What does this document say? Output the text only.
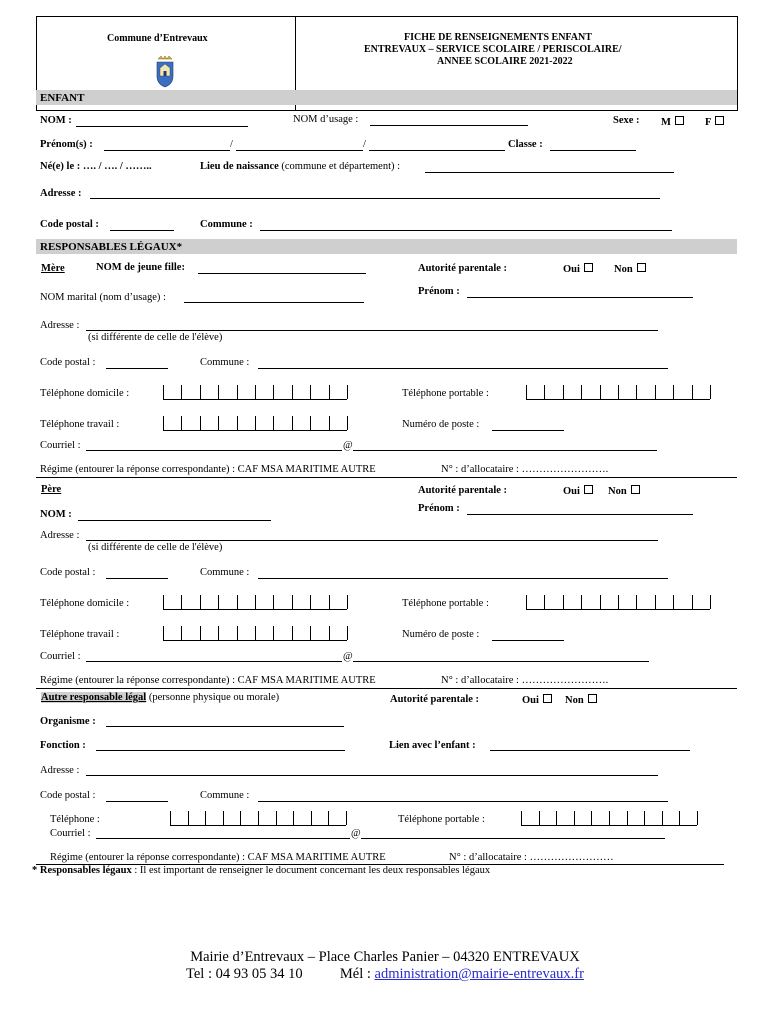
Commune d’Entrevaux	FICHE DE RENSEIGNEMENTS ENFANT
ENTREVAUX – SERVICE SCOLAIRE / PERISCOLAIRE/
ANNEE SCOLAIRE 2021-2022
ENFANT
NOM :	NOM d’usage :	Sexe : M	F
Prénom(s) :	/	/	Classe :
Né(e) le : …. / …. / ……..	Lieu de naissance (commune et département) :
Adresse :
Code postal :	Commune :
RESPONSABLES LÉGAUX*
Mère	NOM de jeune fille:	Autorité parentale :	Oui	Non
NOM marital (nom d’usage) :
Prénom :
Adresse :
(si différente de celle de l'élève)
Code postal :	Commune :
Téléphone domicile :	Téléphone portable :
Téléphone travail :	Numéro de poste :
Courriel :	@
Régime (entourer la réponse correspondante) : CAF MSA MARITIME AUTRE	N° : d’allocataire : …………………….
Père	Autorité parentale :	Oui	Non
NOM :
Prénom :
Adresse :
(si différente de celle de l'élève)
Code postal :	Commune :
Téléphone domicile :	Téléphone portable :
Téléphone travail :	Numéro de poste :
Courriel :	@
Régime (entourer la réponse correspondante) : CAF MSA MARITIME AUTRE	N° : d’allocataire : …………………….
Autre responsable légal (personne physique ou morale)	Autorité parentale :	Oui	Non
Organisme :
Fonction :	Lien avec l’enfant :
Adresse :
Code postal :	Commune :
Téléphone :	Téléphone portable :
Courriel :	@
Régime (entourer la réponse correspondante) : CAF MSA MARITIME AUTRE	N° : d’allocataire : ……………………
* Responsables légaux : Il est important de renseigner le document concernant les deux responsables légaux
Mairie d’Entrevaux – Place Charles Panier – 04320 ENTREVAUX
Tel : 04 93 05 34 10	Mél : administration@mairie-entrevaux.fr
